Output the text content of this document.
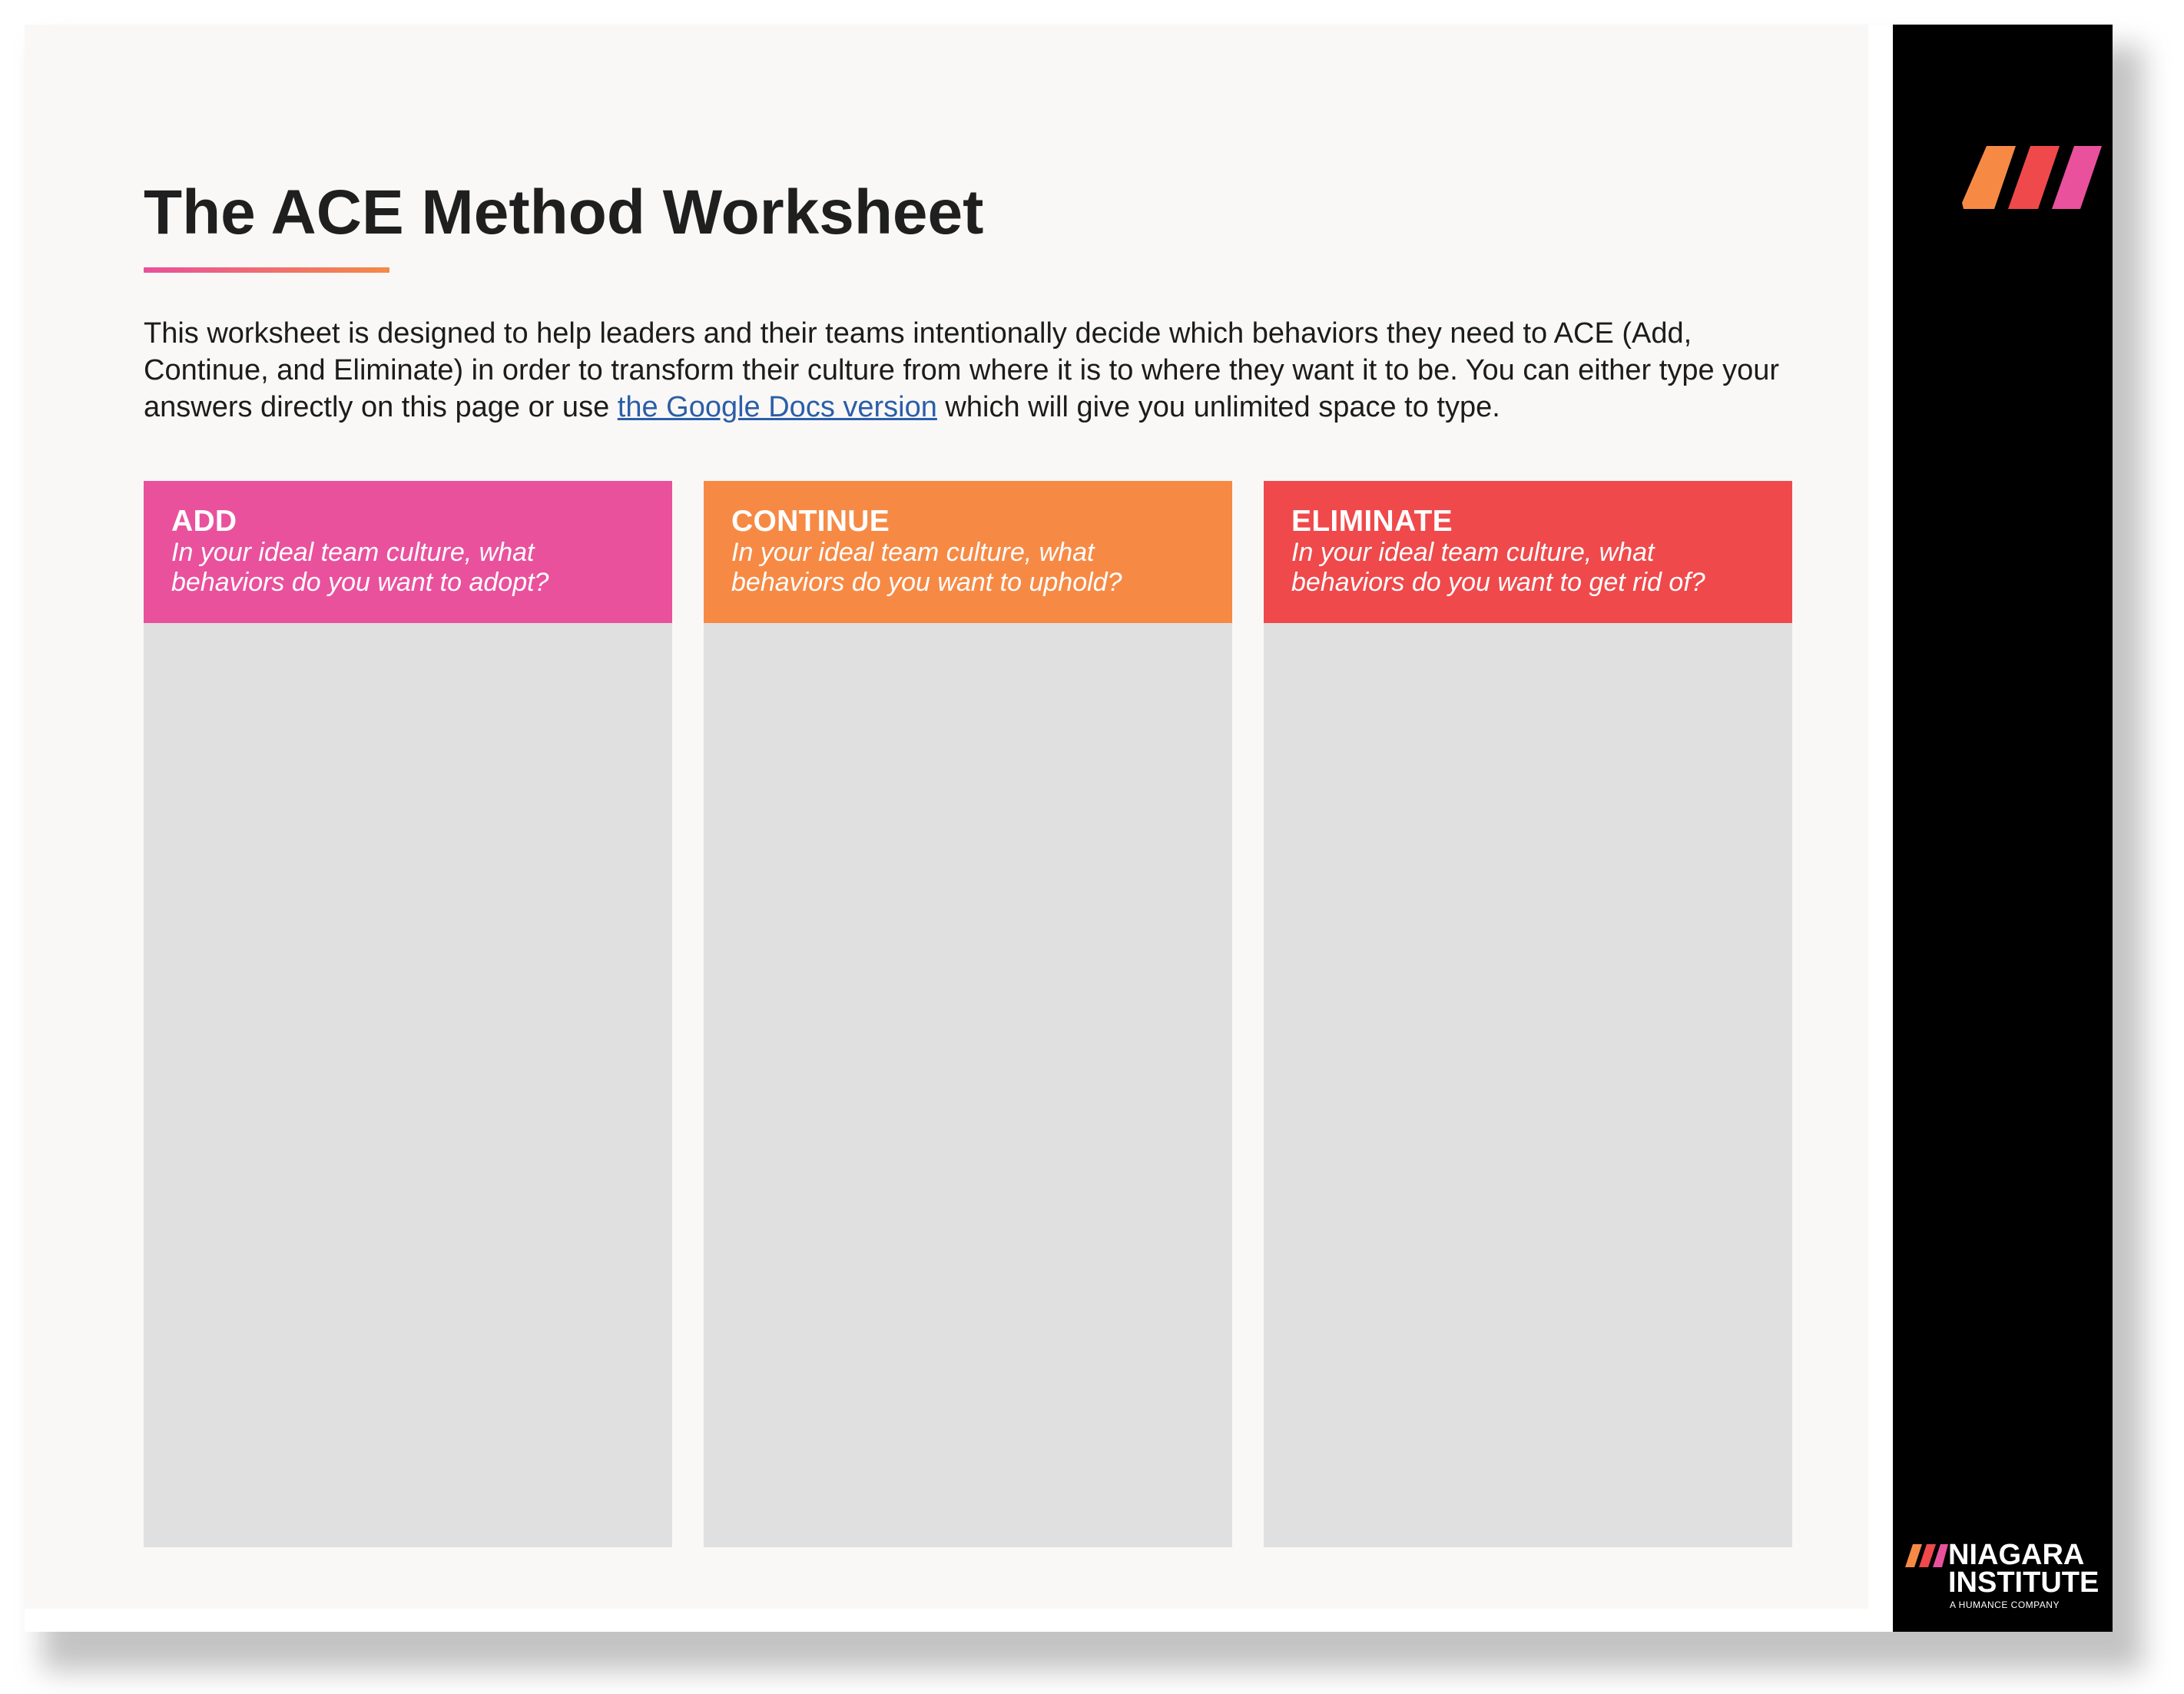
The ACE Method Worksheet

This worksheet is designed to help leaders and their teams intentionally decide which behaviors they need to ACE (Add, Continue, and Eliminate) in order to transform their culture from where it is to where they want it to be. You can either type your answers directly on this page or use the Google Docs version which will give you unlimited space to type.

ADD
In your ideal team culture, what behaviors do you want to adopt?
CONTINUE
In your ideal team culture, what behaviors do you want to uphold?
ELIMINATE
In your ideal team culture, what behaviors do you want to get rid of?
NIAGARA
INSTITUTE
A HUMANCE COMPANY
